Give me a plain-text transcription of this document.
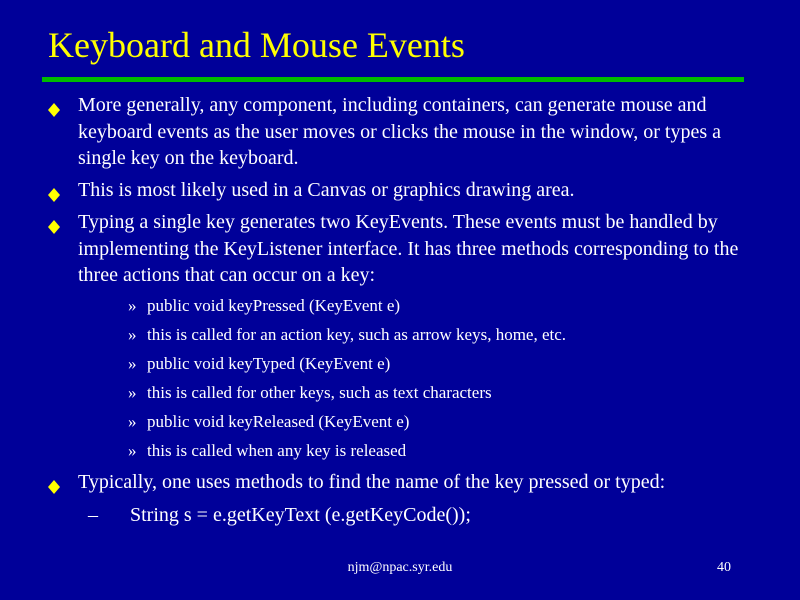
Keyboard and Mouse Events
More generally, any component, including containers, can generate mouse and keyboard events as the user moves or clicks the mouse in the window, or types a single key on the keyboard.
This is most likely used in a Canvas or graphics drawing area.
Typing a single key generates two KeyEvents. These events must be handled by implementing the KeyListener interface. It has three methods corresponding to the three actions that can occur on a key:
» public void keyPressed (KeyEvent e)
» this is called for an action key, such as arrow keys, home, etc.
» public void keyTyped (KeyEvent e)
» this is called for other keys, such as text characters
» public void keyReleased (KeyEvent e)
» this is called when any key is released
Typically, one uses methods to find the name of the key pressed or typed:
– String s = e.getKeyText (e.getKeyCode());
njm@npac.syr.edu	40
